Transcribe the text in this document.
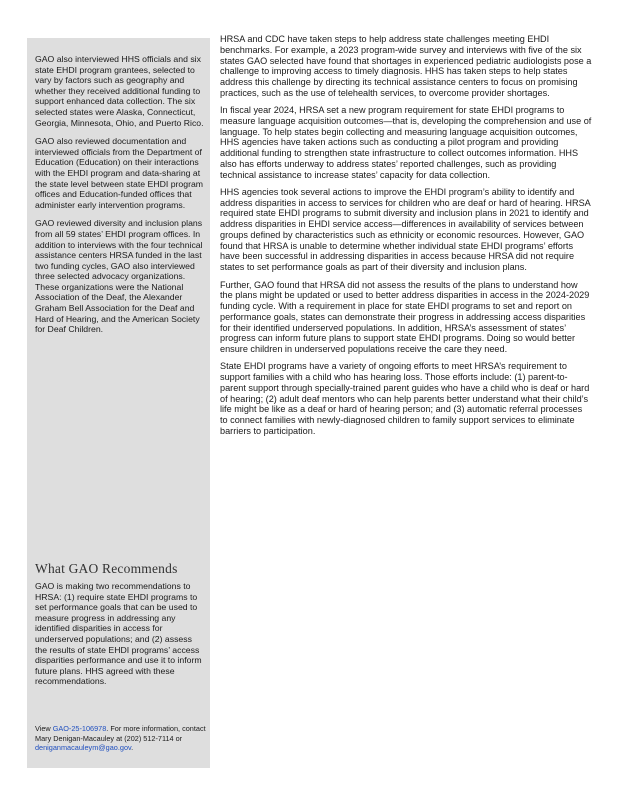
GAO also interviewed HHS officials and six state EHDI program grantees, selected to vary by factors such as geography and whether they received additional funding to support enhanced data collection. The six selected states were Alaska, Connecticut, Georgia, Minnesota, Ohio, and Puerto Rico.

GAO also reviewed documentation and interviewed officials from the Department of Education (Education) on their interactions with the EHDI program and data-sharing at the state level between state EHDI program offices and Education-funded offices that administer early intervention programs.

GAO reviewed diversity and inclusion plans from all 59 states’ EHDI program offices. In addition to interviews with the four technical assistance centers HRSA funded in the last two funding cycles, GAO also interviewed three selected advocacy organizations. These organizations were the National Association of the Deaf, the Alexander Graham Bell Association for the Deaf and Hard of Hearing, and the American Society for Deaf Children.

What GAO Recommends

GAO is making two recommendations to HRSA: (1) require state EHDI programs to set performance goals that can be used to measure progress in addressing any identified disparities in access for underserved populations; and (2) assess the results of state EHDI programs’ access disparities performance and use it to inform future plans. HHS agreed with these recommendations.

View GAO-25-106978. For more information, contact Mary Denigan-Macauley at (202) 512-7114 or deniganmacauleym@gao.gov.

HRSA and CDC have taken steps to help address state challenges meeting EHDI benchmarks. For example, a 2023 program-wide survey and interviews with five of the six states GAO selected have found that shortages in experienced pediatric audiologists pose a challenge to improving access to timely diagnosis. HHS has taken steps to help states address this challenge by directing its technical assistance centers to focus on promising practices, such as the use of telehealth services, to overcome provider shortages.

In fiscal year 2024, HRSA set a new program requirement for state EHDI programs to measure language acquisition outcomes—that is, developing the comprehension and use of language. To help states begin collecting and measuring language acquisition outcomes, HHS agencies have taken actions such as conducting a pilot program and providing additional funding to strengthen state infrastructure to collect outcomes information. HHS also has efforts underway to address states’ reported challenges, such as providing technical assistance to increase states’ capacity for data collection.

HHS agencies took several actions to improve the EHDI program’s ability to identify and address disparities in access to services for children who are deaf or hard of hearing. HRSA required state EHDI programs to submit diversity and inclusion plans in 2021 to identify and address disparities in EHDI service access—differences in availability of services between groups defined by characteristics such as ethnicity or economic resources. However, GAO found that HRSA is unable to determine whether individual state EHDI programs’ efforts have been successful in addressing disparities in access because HRSA did not require states to set performance goals as part of their diversity and inclusion plans.

Further, GAO found that HRSA did not assess the results of the plans to understand how the plans might be updated or used to better address disparities in access in the 2024-2029 funding cycle. With a requirement in place for state EHDI programs to set and report on performance goals, states can demonstrate their progress in addressing access disparities for their identified underserved populations. In addition, HRSA’s assessment of states’ progress can inform future plans to support state EHDI programs. Doing so would better ensure children in underserved populations receive the care they need.

State EHDI programs have a variety of ongoing efforts to meet HRSA’s requirement to support families with a child who has hearing loss. Those efforts include: (1) parent-to-parent support through specially-trained parent guides who have a child who is deaf or hard of hearing; (2) adult deaf mentors who can help parents better understand what their child’s life might be like as a deaf or hard of hearing person; and (3) automatic referral processes to connect families with newly-diagnosed children to family support services to eliminate barriers to participation.
